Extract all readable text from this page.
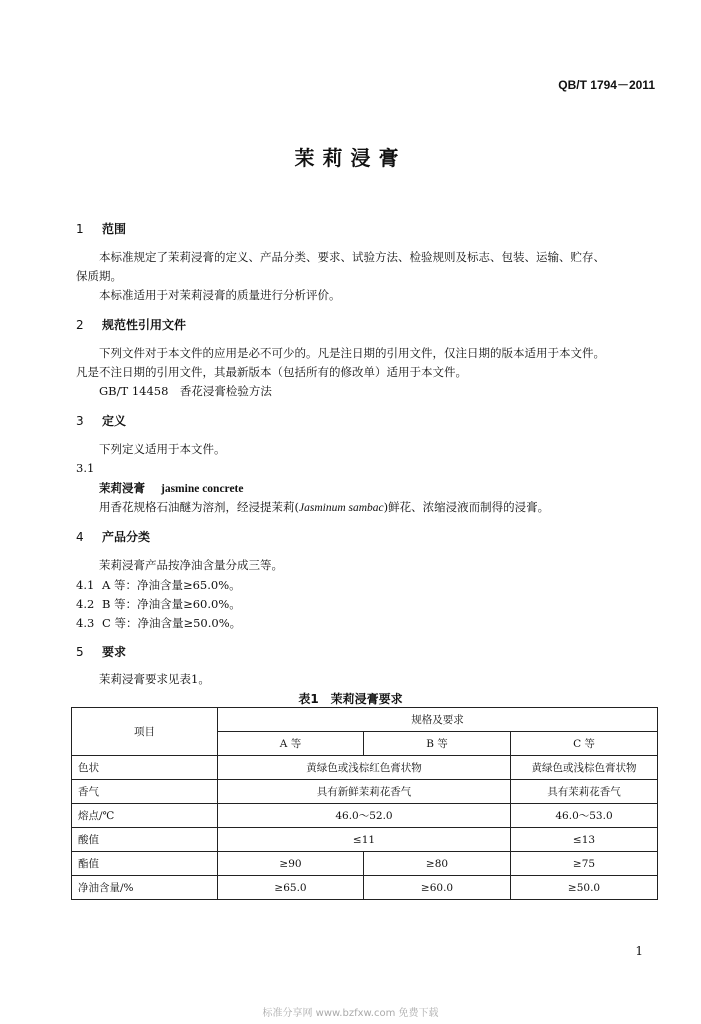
QB/T 1794－2011
茉莉浸膏
1 范围
本标准规定了茉莉浸膏的定义、产品分类、要求、试验方法、检验规则及标志、包装、运输、贮存、
保质期。
本标准适用于对茉莉浸膏的质量进行分析评价。
2 规范性引用文件
下列文件对于本文件的应用是必不可少的。凡是注日期的引用文件，仅注日期的版本适用于本文件。
凡是不注日期的引用文件，其最新版本（包括所有的修改单）适用于本文件。
GB/T 14458　香花浸膏检验方法
3 定义
下列定义适用于本文件。
3.1
茉莉浸膏 jasmine concrete
用香花规格石油醚为溶剂，经浸提茉莉(Jasminum sambac)鲜花、浓缩浸液而制得的浸膏。
4 产品分类
茉莉浸膏产品按净油含量分成三等。
4.1 A 等：净油含量≥65.0%。
4.2 B 等：净油含量≥60.0%。
4.3 C 等：净油含量≥50.0%。
5 要求
茉莉浸膏要求见表1。
表1　茉莉浸膏要求
项目	规格及要求		
	A 等	B 等	C 等
色状	黄绿色或浅棕红色膏状物		黄绿色或浅棕色膏状物
香气	具有新鲜茉莉花香气		具有茉莉花香气
熔点/℃	46.0～52.0		46.0～53.0
酸值	≤11		≤13
酯值	≥90	≥80	≥75
净油含量/%	≥65.0	≥60.0	≥50.0
1
标准分享网 www.bzfxw.com 免费下载
